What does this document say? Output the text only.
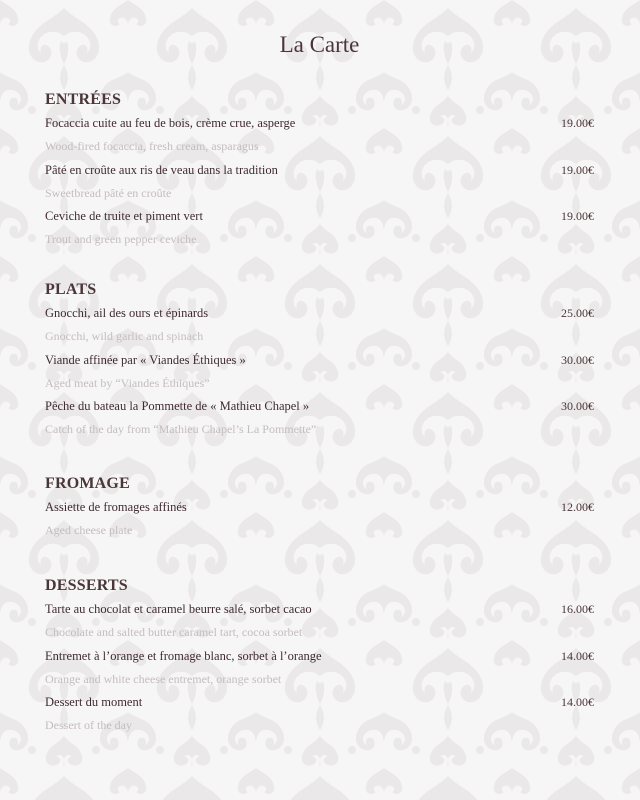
La Carte
ENTRÉES
Focaccia cuite au feu de bois, crème crue, asperge	19.00€
Wood-fired focaccia, fresh cream, asparagus
Pâté en croûte aux ris de veau dans la tradition	19.00€
Sweetbread pâté en croûte
Ceviche de truite et piment vert	19.00€
Trout and green pepper ceviche
PLATS
Gnocchi, ail des ours et épinards	25.00€
Gnocchi, wild garlic and spinach
Viande affinée par « Viandes Éthiques »	30.00€
Aged meat by “Viandes Éthiques”
Pêche du bateau la Pommette de « Mathieu Chapel »	30.00€
Catch of the day from “Mathieu Chapel’s La Pommette”
FROMAGE
Assiette de fromages affinés	12.00€
Aged cheese plate
DESSERTS
Tarte au chocolat et caramel beurre salé, sorbet cacao	16.00€
Chocolate and salted butter caramel tart, cocoa sorbet
Entremet à l’orange et fromage blanc, sorbet à l’orange	14.00€
Orange and white cheese entremet, orange sorbet
Dessert du moment	14.00€
Dessert of the day
